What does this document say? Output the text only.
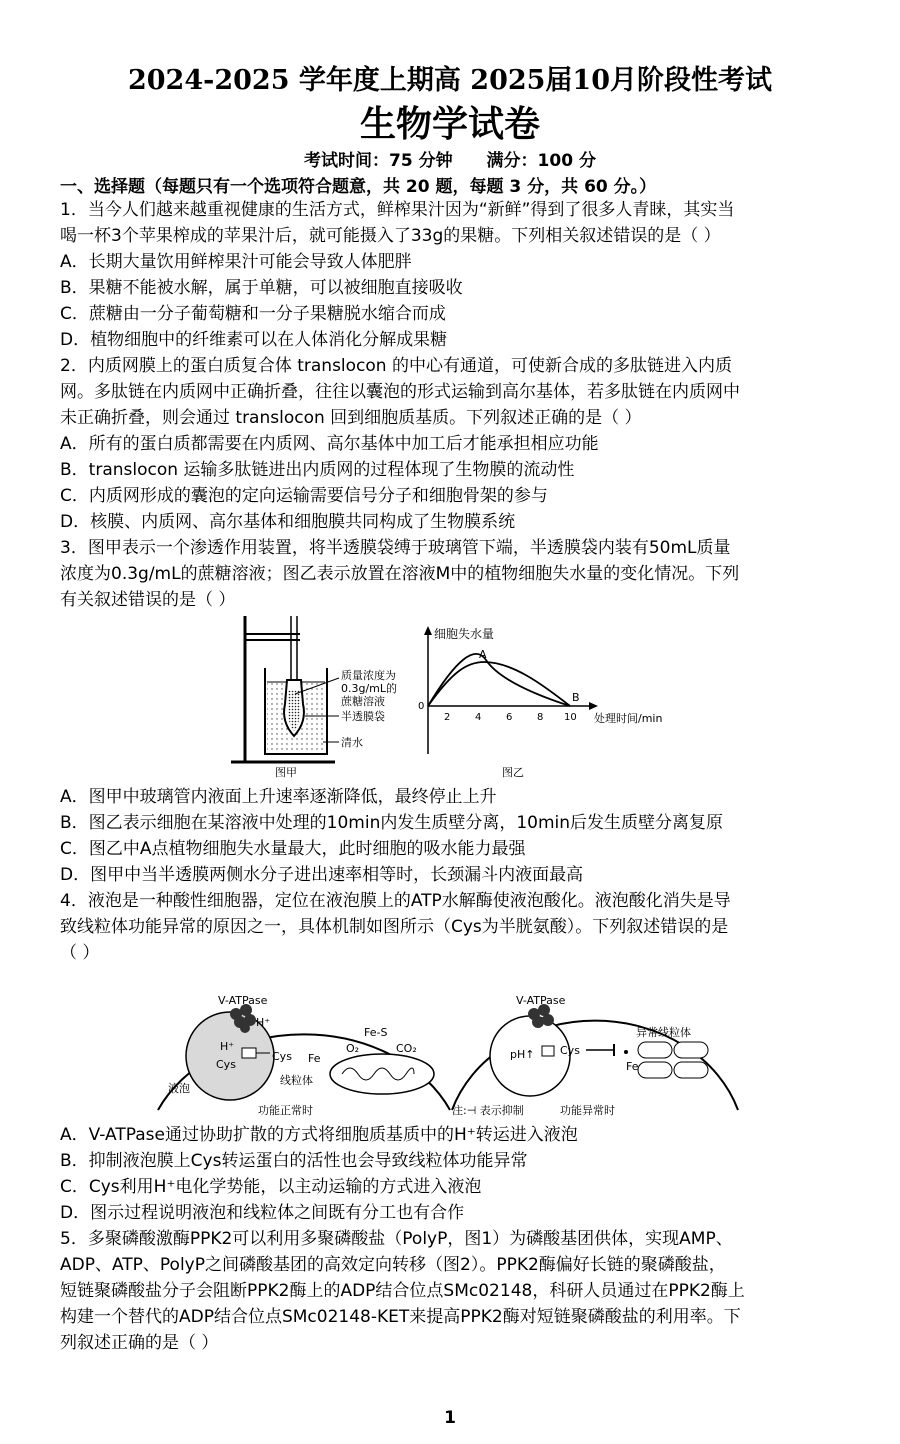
2024-2025 学年度上期高 2025届10月阶段性考试
生物学试卷
考试时间：75 分钟 满分：100 分
一、选择题（每题只有一个选项符合题意，共 20 题，每题 3 分，共 60 分。）
1．当今人们越来越重视健康的生活方式，鲜榨果汁因为“新鲜”得到了很多人青睐，其实当
喝一杯3个苹果榨成的苹果汁后，就可能摄入了33g的果糖。下列相关叙述错误的是（ ）
A．长期大量饮用鲜榨果汁可能会导致人体肥胖
B．果糖不能被水解，属于单糖，可以被细胞直接吸收
C．蔗糖由一分子葡萄糖和一分子果糖脱水缩合而成
D．植物细胞中的纤维素可以在人体消化分解成果糖
2．内质网膜上的蛋白质复合体 translocon 的中心有通道，可使新合成的多肽链进入内质
网。多肽链在内质网中正确折叠，往往以囊泡的形式运输到高尔基体，若多肽链在内质网中
未正确折叠，则会通过 translocon 回到细胞质基质。下列叙述正确的是（ ）
A．所有的蛋白质都需要在内质网、高尔基体中加工后才能承担相应功能
B．translocon 运输多肽链进出内质网的过程体现了生物膜的流动性
C．内质网形成的囊泡的定向运输需要信号分子和细胞骨架的参与
D．核膜、内质网、高尔基体和细胞膜共同构成了生物膜系统
3．图甲表示一个渗透作用装置，将半透膜袋缚于玻璃管下端，半透膜袋内装有50mL质量
浓度为0.3g/mL的蔗糖溶液；图乙表示放置在溶液M中的植物细胞失水量的变化情况。下列
有关叙述错误的是（ ）
质量浓度为
0.3g/mL的
蔗糖溶液
半透膜袋
清水
图甲
细胞失水量
处理时间/min
0
2 4 6 8 10
A
B
图乙
A．图甲中玻璃管内液面上升速率逐渐降低，最终停止上升
B．图乙表示细胞在某溶液中处理的10min内发生质壁分离，10min后发生质壁分离复原
C．图乙中A点植物细胞失水量最大，此时细胞的吸水能力最强
D．图甲中当半透膜两侧水分子进出速率相等时，长颈漏斗内液面最高
4．液泡是一种酸性细胞器，定位在液泡膜上的ATP水解酶使液泡酸化。液泡酸化消失是导
致线粒体功能异常的原因之一，具体机制如图所示（Cys为半胱氨酸）。下列叙述错误的是
（ ）
V-ATPase
H⁺
H⁺
Cys
Cys
液泡
Fe
O₂
Fe-S
CO₂
线粒体
功能正常时
V-ATPase
pH↑ Cys
Fe
异常线粒体
注:⊣ 表示抑制	功能异常时
A．V-ATPase通过协助扩散的方式将细胞质基质中的H⁺转运进入液泡
B．抑制液泡膜上Cys转运蛋白的活性也会导致线粒体功能异常
C．Cys利用H⁺电化学势能，以主动运输的方式进入液泡
D．图示过程说明液泡和线粒体之间既有分工也有合作
5．多聚磷酸激酶PPK2可以利用多聚磷酸盐（PolyP，图1）为磷酸基团供体，实现AMP、
ADP、ATP、PolyP之间磷酸基团的高效定向转移（图2）。PPK2酶偏好长链的聚磷酸盐，
短链聚磷酸盐分子会阻断PPK2酶上的ADP结合位点SMc02148，科研人员通过在PPK2酶上
构建一个替代的ADP结合位点SMc02148-KET来提高PPK2酶对短链聚磷酸盐的利用率。下
列叙述正确的是（ ）
1
